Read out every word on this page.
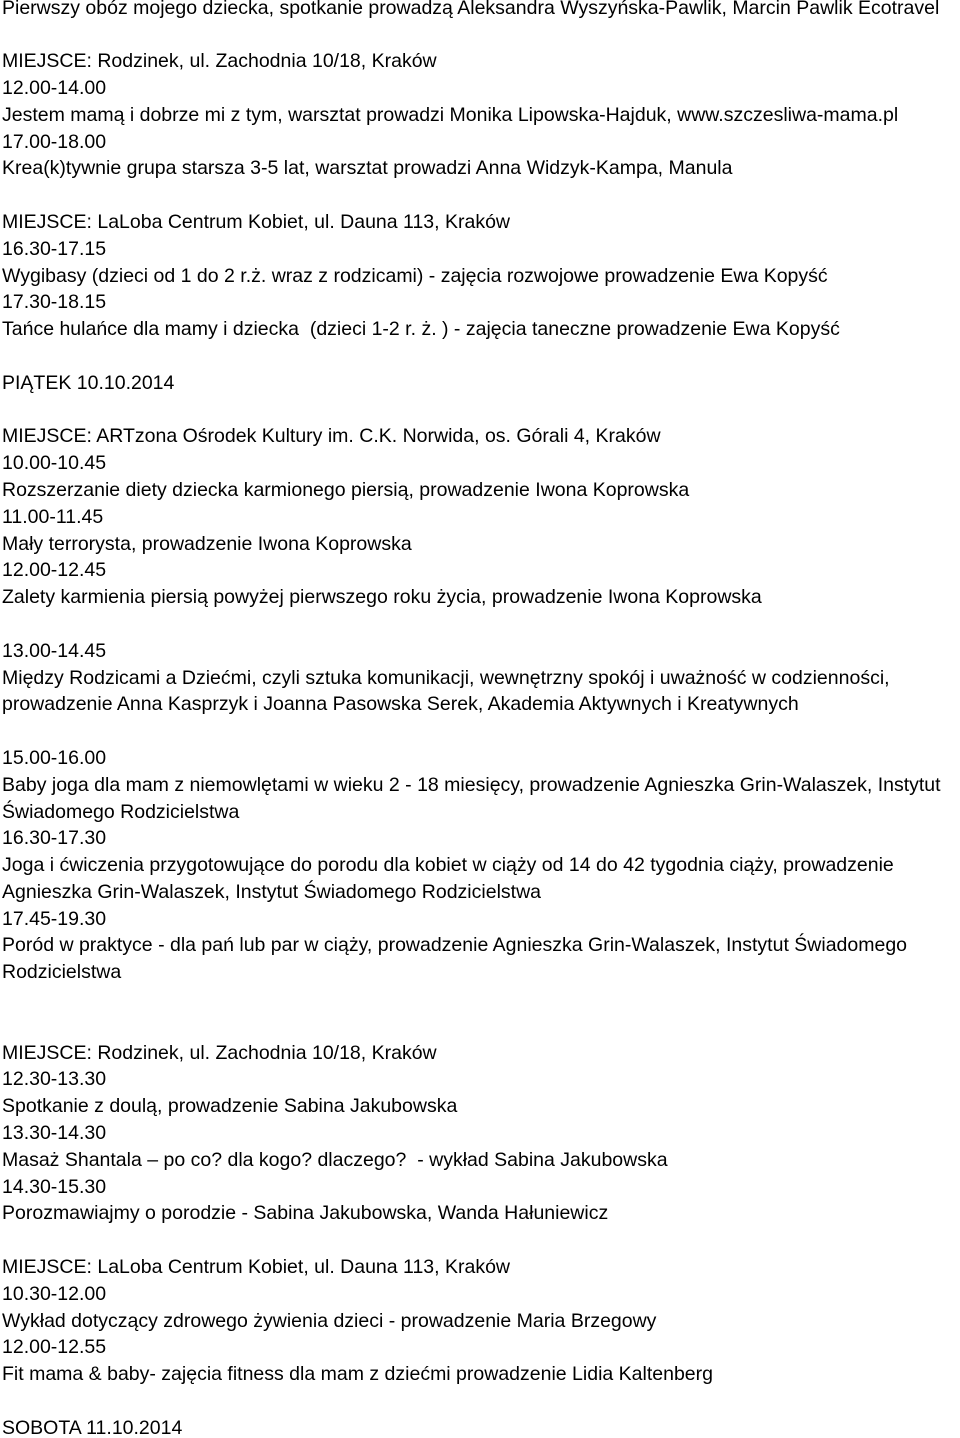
Pierwszy obóz mojego dziecka, spotkanie prowadzą Aleksandra Wyszyńska-Pawlik, Marcin Pawlik Ecotravel
MIEJSCE: Rodzinek, ul. Zachodnia 10/18, Kraków
12.00-14.00
Jestem mamą i dobrze mi z tym, warsztat prowadzi Monika Lipowska-Hajduk, www.szczesliwa-mama.pl
17.00-18.00
Krea(k)tywnie grupa starsza 3-5 lat, warsztat prowadzi Anna Widzyk-Kampa, Manula
MIEJSCE: LaLoba Centrum Kobiet, ul. Dauna 113, Kraków
16.30-17.15
Wygibasy (dzieci od 1 do 2 r.ż. wraz z rodzicami) - zajęcia rozwojowe prowadzenie Ewa Kopyść
17.30-18.15
Tańce hulańce dla mamy i dziecka  (dzieci 1-2 r. ż. ) - zajęcia taneczne prowadzenie Ewa Kopyść
PIĄTEK 10.10.2014
MIEJSCE: ARTzona Ośrodek Kultury im. C.K. Norwida, os. Górali 4, Kraków
10.00-10.45
Rozszerzanie diety dziecka karmionego piersią, prowadzenie Iwona Koprowska
11.00-11.45
Mały terrorysta, prowadzenie Iwona Koprowska
12.00-12.45
Zalety karmienia piersią powyżej pierwszego roku życia, prowadzenie Iwona Koprowska
13.00-14.45
Między Rodzicami a Dziećmi, czyli sztuka komunikacji, wewnętrzny spokój i uważność w codzienności,
prowadzenie Anna Kasprzyk i Joanna Pasowska Serek, Akademia Aktywnych i Kreatywnych
15.00-16.00
Baby joga dla mam z niemowlętami w wieku 2 - 18 miesięcy, prowadzenie Agnieszka Grin-Walaszek, Instytut
Świadomego Rodzicielstwa
16.30-17.30
Joga i ćwiczenia przygotowujące do porodu dla kobiet w ciąży od 14 do 42 tygodnia ciąży, prowadzenie
Agnieszka Grin-Walaszek, Instytut Świadomego Rodzicielstwa
17.45-19.30
Poród w praktyce - dla pań lub par w ciąży, prowadzenie Agnieszka Grin-Walaszek, Instytut Świadomego
Rodzicielstwa
MIEJSCE: Rodzinek, ul. Zachodnia 10/18, Kraków
12.30-13.30
Spotkanie z doulą, prowadzenie Sabina Jakubowska
13.30-14.30
Masaż Shantala – po co? dla kogo? dlaczego?  - wykład Sabina Jakubowska
14.30-15.30
Porozmawiajmy o porodzie - Sabina Jakubowska, Wanda Hałuniewicz
MIEJSCE: LaLoba Centrum Kobiet, ul. Dauna 113, Kraków
10.30-12.00
Wykład dotyczący zdrowego żywienia dzieci - prowadzenie Maria Brzegowy
12.00-12.55
Fit mama & baby- zajęcia fitness dla mam z dziećmi prowadzenie Lidia Kaltenberg
SOBOTA 11.10.2014
